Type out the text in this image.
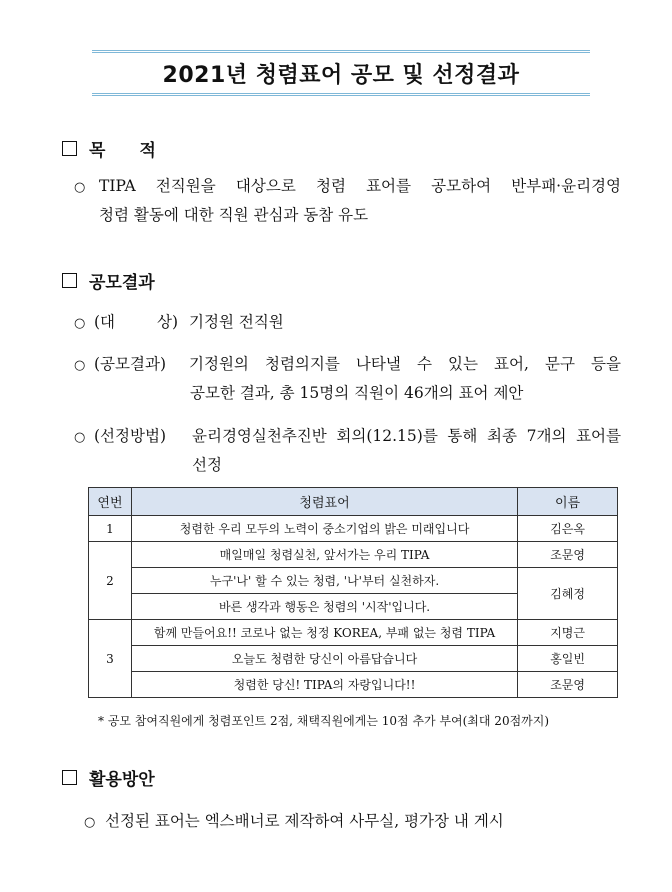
2021년 청렴표어 공모 및 선정결과
목 적
○ TIPA 전직원을 대상으로 청렴 표어를 공모하여 반부패·윤리경영
청렴 활동에 대한 직원 관심과 동참 유도
공모결과
○ (대	상) 기정원 전직원
○ (공모결과) 기정원의 청렴의지를 나타낼 수 있는 표어, 문구 등을
공모한 결과, 총 15명의 직원이 46개의 표어 제안
○ (선정방법) 윤리경영실천추진반 회의(12.15)를 통해 최종 7개의 표어를
선정
연번	청렴표어	이름
1	청렴한 우리 모두의 노력이 중소기업의 밝은 미래입니다	김은옥
2	매일매일 청렴실천, 앞서가는 우리 TIPA	조문영
	누구'나' 할 수 있는 청렴, '나'부터 실천하자.	김혜정
	바른 생각과 행동은 청렴의 '시작'입니다.	
3	함께 만들어요!! 코로나 없는 청정 KOREA, 부패 없는 청렴 TIPA	지명근
	오늘도 청렴한 당신이 아름답습니다	홍일빈
	청렴한 당신! TIPA의 자랑입니다!!	조문영
* 공모 참여직원에게 청렴포인트 2점, 채택직원에게는 10점 추가 부여(최대 20점까지)
활용방안
○ 선정된 표어는 엑스배너로 제작하여 사무실, 평가장 내 게시
